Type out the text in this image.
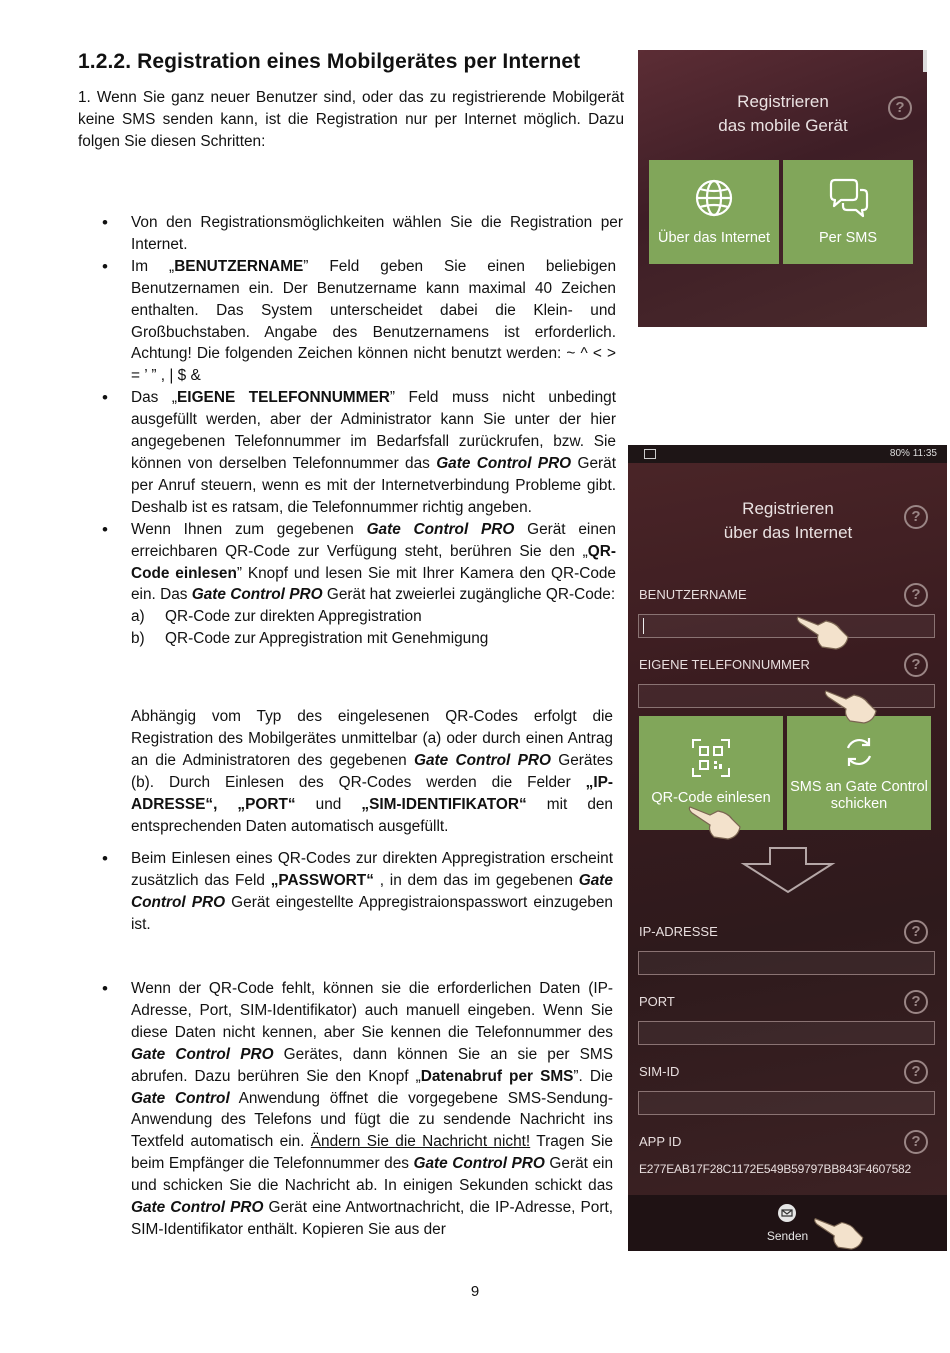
1.2.2. Registration eines Mobilgerätes per Internet

1. Wenn Sie ganz neuer Benutzer sind, oder das zu registrierende Mobilgerät keine SMS senden kann, ist die Registration nur per Internet möglich. Dazu folgen Sie diesen Schritten:

• Von den Registrationsmöglichkeiten wählen Sie die Registration per Internet.
• Im „BENUTZERNAME” Feld geben Sie einen beliebigen Benutzernamen ein. Der Benutzername kann maximal 40 Zeichen enthalten. Das System unterscheidet dabei die Klein- und Großbuchstaben. Angabe des Benutzernamens ist erforderlich. Achtung! Die folgenden Zeichen können nicht benutzt werden: ~ ^ < > = ’ ” , | $ &
• Das „EIGENE TELEFONNUMMER” Feld muss nicht unbedingt ausgefüllt werden, aber der Administrator kann Sie unter der hier angegebenen Telefonnummer im Bedarfsfall zurückrufen, bzw. Sie können von derselben Telefonnummer das Gate Control PRO Gerät per Anruf steuern, wenn es mit der Internetverbindung Probleme gibt. Deshalb ist es ratsam, die Telefonnummer richtig angeben.
• Wenn Ihnen zum gegebenen Gate Control PRO Gerät einen erreichbaren QR-Code zur Verfügung steht, berühren Sie den „QR-Code einlesen” Knopf und lesen Sie mit Ihrer Kamera den QR-Code ein. Das Gate Control PRO Gerät hat zweierlei zugängliche QR-Code:
a)	QR-Code zur direkten Appregistration
b)	QR-Code zur Appregistration mit Genehmigung

Abhängig vom Typ des eingelesenen QR-Codes erfolgt die Registration des Mobilgerätes unmittelbar (a) oder durch einen Antrag an die Administratoren des gegebenen Gate Control PRO Gerätes (b). Durch Einlesen des QR-Codes werden die Felder „IP-ADRESSE“, „PORT“ und „SIM-IDENTIFIKATOR“ mit den entsprechenden Daten automatisch ausgefüllt.

• Beim Einlesen eines QR-Codes zur direkten Appregistration erscheint zusätzlich das Feld „PASSWORT“ , in dem das im gegebenen Gate Control PRO Gerät eingestellte Appregistraionspasswort einzugeben ist.
• Wenn der QR-Code fehlt, können sie die erforderlichen Daten (IP-Adresse, Port, SIM-Identifikator) auch manuell eingeben. Wenn Sie diese Daten nicht kennen, aber Sie kennen die Telefonnummer des Gate Control PRO Gerätes, dann können Sie an sie per SMS abrufen. Dazu berühren Sie den Knopf „Datenabruf per SMS”. Die Gate Control Anwendung öffnet die vorgegebene SMS-Sendung-Anwendung des Telefons und fügt die zu sendende Nachricht ins Textfeld automatisch ein. Ändern Sie die Nachricht nicht! Tragen Sie beim Empfänger die Telefonnummer des Gate Control PRO Gerät ein und schicken Sie die Nachricht ab. In einigen Sekunden schickt das Gate Control PRO Gerät eine Antwortnachricht, die IP-Adresse, Port, SIM-Identifikator enthält. Kopieren Sie aus der
9
Registrieren
das mobile Gerät
?
Über das Internet	Per SMS
80% 11:35
Registrieren
über das Internet
?
BENUTZERNAME	?
EIGENE TELEFONNUMMER	?
QR-Code einlesen
SMS an Gate Control
schicken
IP-ADRESSE	?
PORT	?
SIM-ID	?
APP ID	?
E277EAB17F28C1172E549B59797BB843F4607582
Senden
